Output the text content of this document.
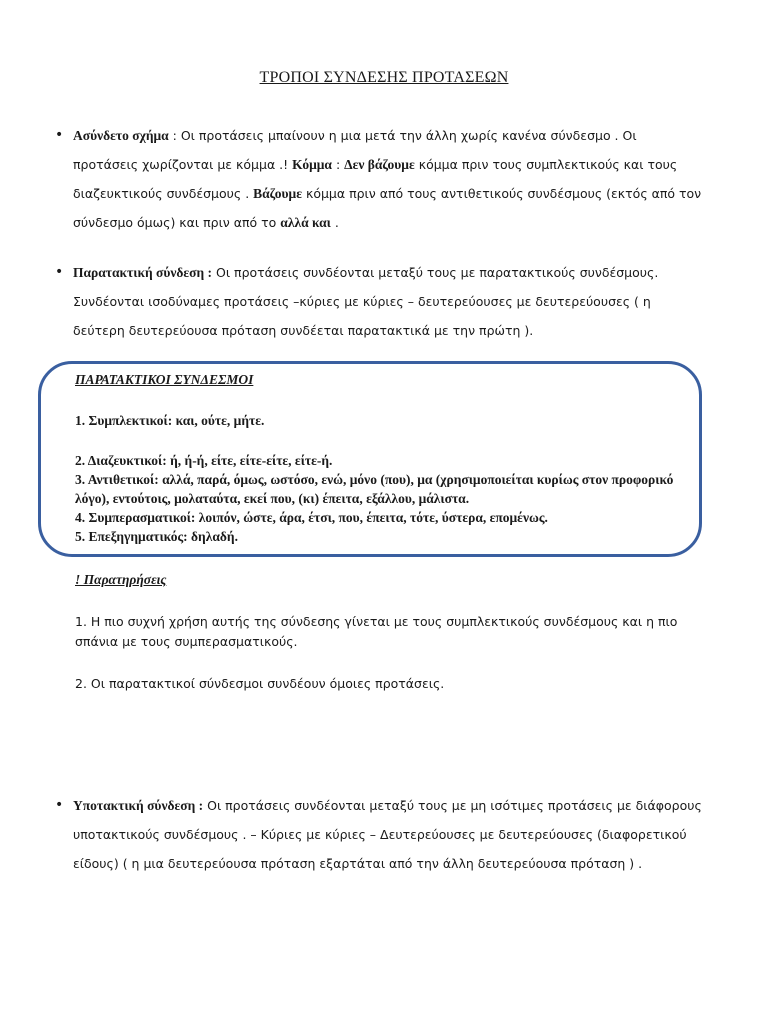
ΤΡΟΠΟΙ ΣΥΝΔΕΣΗΣ ΠΡΟΤΑΣΕΩΝ
• Ασύνδετο σχήμα : Οι προτάσεις μπαίνουν η μια μετά την άλλη χωρίς κανένα σύνδεσμο . Οι προτάσεις χωρίζονται με κόμμα .! Κόμμα : Δεν βάζουμε κόμμα πριν τους συμπλεκτικούς και τους διαζευκτικούς συνδέσμους . Βάζουμε κόμμα πριν από τους αντιθετικούς συνδέσμους (εκτός από τον σύνδεσμο όμως) και πριν από το αλλά και .
• Παρατακτική σύνδεση : Οι προτάσεις συνδέονται μεταξύ τους με παρατακτικούς συνδέσμους. Συνδέονται ισοδύναμες προτάσεις –κύριες με κύριες – δευτερεύουσες με δευτερεύουσες ( η δεύτερη δευτερεύουσα πρόταση συνδέεται παρατακτικά με την πρώτη ).
ΠΑΡΑΤΑΚΤΙΚΟΙ ΣΥΝΔΕΣΜΟΙ
1. Συμπλεκτικοί: και, ούτε, μήτε.
2. Διαζευκτικοί: ή, ή-ή, είτε, είτε-είτε, είτε-ή.
3. Αντιθετικοί: αλλά, παρά, όμως, ωστόσο, ενώ, μόνο (που), μα (χρησιμοποιείται κυρίως στον προφορικό λόγο), εντούτοις, μολαταύτα, εκεί που, (κι) έπειτα, εξάλλου, μάλιστα.
4. Συμπερασματικοί: λοιπόν, ώστε, άρα, έτσι, που, έπειτα, τότε, ύστερα, επομένως.
5. Επεξηγηματικός: δηλαδή.
! Παρατηρήσεις
1. Η πιο συχνή χρήση αυτής της σύνδεσης γίνεται με τους συμπλεκτικούς συνδέσμους και η πιο σπάνια με τους συμπερασματικούς.
2. Οι παρατακτικοί σύνδεσμοι συνδέουν όμοιες προτάσεις.
• Υποτακτική σύνδεση : Οι προτάσεις συνδέονται μεταξύ τους με μη ισότιμες προτάσεις με διάφορους υποτακτικούς συνδέσμους . – Κύριες με κύριες – Δευτερεύουσες με δευτερεύουσες (διαφορετικού είδους) ( η μια δευτερεύουσα πρόταση εξαρτάται από την άλλη δευτερεύουσα πρόταση ) .
